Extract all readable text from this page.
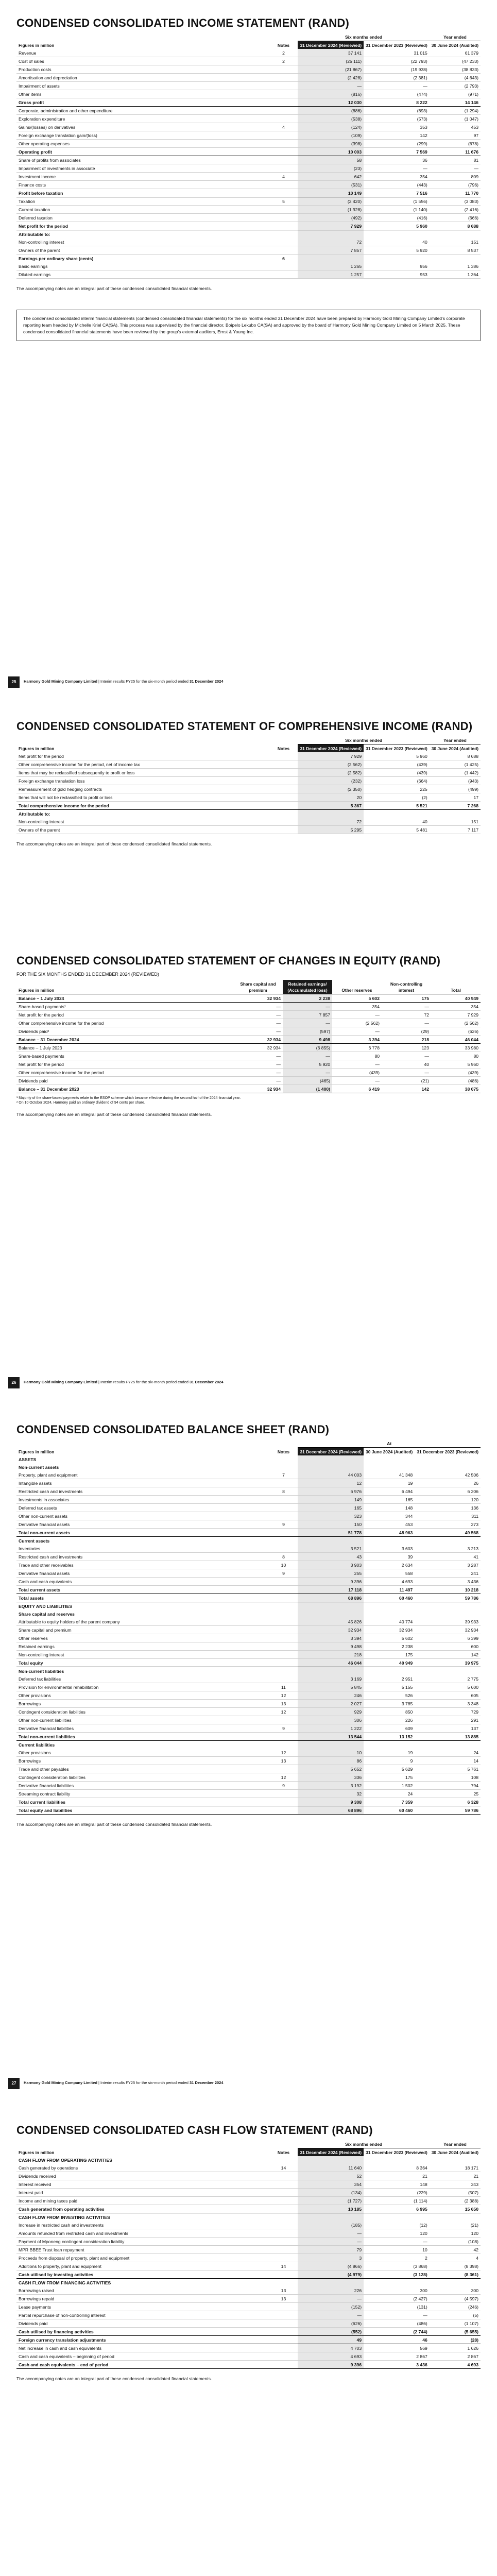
CONDENSED CONSOLIDATED INCOME STATEMENT (RAND)
		Six months ended		Year ended
Figures in million	Notes	31 December 2024 (Reviewed)	31 December 2023 (Reviewed)	30 June 2024 (Audited)
Revenue	2	37 141	31 015	61 379
Cost of sales	2	(25 111)	(22 793)	(47 233)
Production costs		(21 867)	(19 938)	(38 833)
Amortisation and depreciation		(2 428)	(2 381)	(4 643)
Impairment of assets		—	—	(2 793)
Other items		(816)	(474)	(971)
Gross profit		12 030	8 222	14 146
Corporate, administration and other expenditure		(886)	(693)	(1 294)
Exploration expenditure		(538)	(573)	(1 047)
Gains/(losses) on derivatives	4	(124)	353	453
Foreign exchange translation gain/(loss)		(109)	142	97
Other operating expenses		(398)	(299)	(678)
Operating profit		10 003	7 569	11 676
Share of profits from associates		58	36	81
Impairment of investments in associate		(23)	—	—
Investment income	4	642	354	809
Finance costs		(531)	(443)	(796)
Profit before taxation		10 149	7 516	11 770
Taxation	5	(2 420)	(1 556)	(3 083)
Current taxation		(1 928)	(1 140)	(2 416)
Deferred taxation		(492)	(416)	(666)
Net profit for the period		7 929	5 960	8 688
Attributable to:				
Non-controlling interest		72	40	151
Owners of the parent		7 857	5 920	8 537
Earnings per ordinary share (cents)	6			
Basic earnings		1 265	956	1 386
Diluted earnings		1 257	953	1 364
The accompanying notes are an integral part of these condensed consolidated financial statements.
The condensed consolidated interim financial statements (condensed consolidated financial statements) for the six months ended 31 December 2024 have been prepared by Harmony Gold Mining Company Limited's corporate reporting team headed by Michelle Kriel CA(SA). This process was supervised by the financial director, Boipelo Lekubo CA(SA) and approved by the board of Harmony Gold Mining Company Limited on 5 March 2025. These condensed consolidated financial statements have been reviewed by the group's external auditors, Ernst & Young Inc.
25	Harmony Gold Mining Company Limited | Interim results FY25 for the six-month period ended 31 December 2024
CONDENSED CONSOLIDATED STATEMENT OF COMPREHENSIVE INCOME (RAND)
		Six months ended		Year ended
Figures in million	Notes	31 December 2024 (Reviewed)	31 December 2023 (Reviewed)	30 June 2024 (Audited)
Net profit for the period		7 929	5 960	8 688
Other comprehensive income for the period, net of income tax		(2 562)	(439)	(1 425)
Items that may be reclassified subsequently to profit or loss		(2 582)	(439)	(1 442)
Foreign exchange translation loss		(232)	(664)	(943)
Remeasurement of gold hedging contracts		(2 350)	225	(499)
Items that will not be reclassified to profit or loss		20	(2)	17
Total comprehensive income for the period		5 367	5 521	7 268
Attributable to:				
Non-controlling interest		72	40	151
Owners of the parent		5 295	5 481	7 117
The accompanying notes are an integral part of these condensed consolidated financial statements.
CONDENSED CONSOLIDATED STATEMENT OF CHANGES IN EQUITY (RAND)
FOR THE SIX MONTHS ENDED 31 DECEMBER 2024 (REVIEWED)
Figures in million	Share capital and premium	Retained earnings/ (Accumulated loss)	Other reserves	Non-controlling interest	Total
Balance – 1 July 2024	32 934	2 238	5 602	175	40 949
Share-based payments¹	—	—	354	—	354
Net profit for the period	—	7 857	—	72	7 929
Other comprehensive income for the period	—	—	(2 562)	—	(2 562)
Dividends paid²	—	(597)	—	(29)	(626)
Balance – 31 December 2024	32 934	9 498	3 394	218	46 044
Balance – 1 July 2023	32 934	(6 855)	6 778	123	33 980
Share-based payments	—	—	80	—	80
Net profit for the period	—	5 920	—	40	5 960
Other comprehensive income for the period	—	—	(439)	—	(439)
Dividends paid	—	(465)	—	(21)	(486)
Balance – 31 December 2023	32 934	(1 400)	6 419	142	38 075
¹ Majority of the share-based payments relate to the ESOP scheme which became effective during the second half of the 2024 financial year.
² On 10 October 2024, Harmony paid an ordinary dividend of 94 cents per share.
The accompanying notes are an integral part of these condensed consolidated financial statements.
26	Harmony Gold Mining Company Limited | Interim results FY25 for the six-month period ended 31 December 2024
CONDENSED CONSOLIDATED BALANCE SHEET (RAND)
		At		
Figures in million	Notes	31 December 2024 (Reviewed)	30 June 2024 (Audited)	31 December 2023 (Reviewed)
ASSETS				
Non-current assets				
Property, plant and equipment	7	44 003	41 348	42 506
Intangible assets		12	19	26
Restricted cash and investments	8	6 976	6 494	6 206
Investments in associates		149	165	120
Deferred tax assets		165	148	136
Other non-current assets		323	344	311
Derivative financial assets	9	150	453	273
Total non-current assets		51 778	48 963	49 568
Current assets				
Inventories		3 521	3 603	3 213
Restricted cash and investments	8	43	39	41
Trade and other receivables	10	3 903	2 634	3 287
Derivative financial assets	9	255	558	241
Cash and cash equivalents		9 396	4 693	3 436
Total current assets		17 118	11 497	10 218
Total assets		68 896	60 460	59 786
EQUITY AND LIABILITIES				
Share capital and reserves				
Attributable to equity holders of the parent company		45 826	40 774	39 933
Share capital and premium		32 934	32 934	32 934
Other reserves		3 394	5 602	6 399
Retained earnings		9 498	2 238	600
Non-controlling interest		218	175	142
Total equity		46 044	40 949	39 975
Non-current liabilities				
Deferred tax liabilities		3 169	2 951	2 775
Provision for environmental rehabilitation	11	5 845	5 155	5 600
Other provisions	12	246	526	605
Borrowings	13	2 027	3 785	3 348
Contingent consideration liabilities	12	929	850	729
Other non-current liabilities		306	226	291
Derivative financial liabilities	9	1 222	609	137
Total non-current liabilities		13 544	13 152	13 885
Current liabilities				
Other provisions	12	10	19	24
Borrowings	13	86	9	14
Trade and other payables		5 652	5 629	5 761
Contingent consideration liabilities	12	336	175	108
Derivative financial liabilities	9	3 192	1 502	794
Streaming contract liability		32	24	25
Total current liabilities		9 308	7 359	6 328
Total equity and liabilities		68 896	60 460	59 786
The accompanying notes are an integral part of these condensed consolidated financial statements.
27	Harmony Gold Mining Company Limited | Interim results FY25 for the six-month period ended 31 December 2024
CONDENSED CONSOLIDATED CASH FLOW STATEMENT (RAND)
		Six months ended		Year ended
Figures in million	Notes	31 December 2024 (Reviewed)	31 December 2023 (Reviewed)	30 June 2024 (Audited)
CASH FLOW FROM OPERATING ACTIVITIES				
Cash generated by operations	14	11 640	8 364	18 171
Dividends received		52	21	21
Interest received		354	148	343
Interest paid		(134)	(229)	(507)
Income and mining taxes paid		(1 727)	(1 114)	(2 388)
Cash generated from operating activities		10 185	6 995	15 650
CASH FLOW FROM INVESTING ACTIVITIES				
Increase in restricted cash and investments		(185)	(12)	(21)
Amounts refunded from restricted cash and investments		—	120	120
Payment of Mponeng contingent consideration liability		—	—	(108)
MPR BBEE Trust loan repayment		79	10	42
Proceeds from disposal of property, plant and equipment		3	2	4
Additions to property, plant and equipment	14	(4 866)	(3 868)	(8 398)
Cash utilised by investing activities		(4 979)	(3 128)	(8 361)
CASH FLOW FROM FINANCING ACTIVITIES				
Borrowings raised	13	226	300	300
Borrowings repaid	13	—	(2 427)	(4 597)
Lease payments		(152)	(131)	(246)
Partial repurchase of non-controlling interest		—	—	(5)
Dividends paid		(626)	(486)	(1 107)
Cash utilised by financing activities		(552)	(2 744)	(5 655)
Foreign currency translation adjustments		49	46	(28)
Net increase in cash and cash equivalents		4 703	569	1 626
Cash and cash equivalents – beginning of period		4 693	2 867	2 867
Cash and cash equivalents – end of period		9 396	3 436	4 693
The accompanying notes are an integral part of these condensed consolidated financial statements.
